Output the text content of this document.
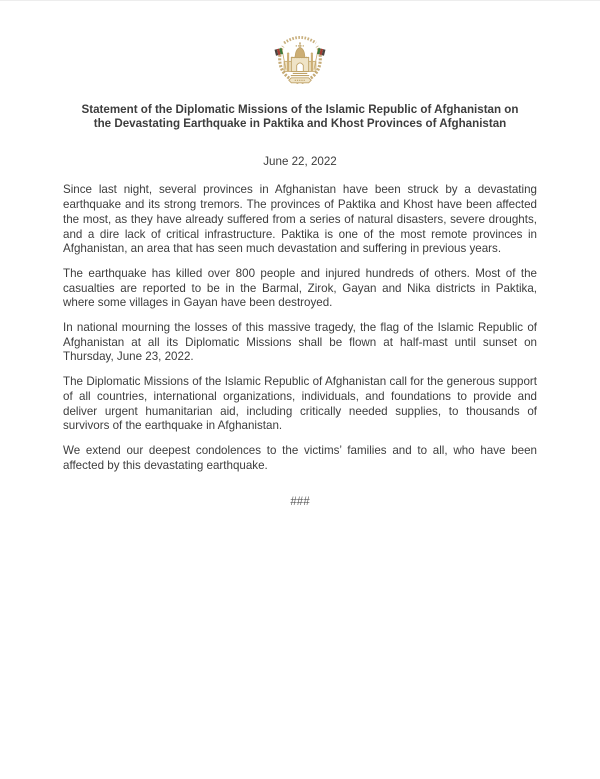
Statement of the Diplomatic Missions of the Islamic Republic of Afghanistan on
the Devastating Earthquake in Paktika and Khost Provinces of Afghanistan
June 22, 2022

Since last night, several provinces in Afghanistan have been struck by a devastating earthquake and its strong tremors. The provinces of Paktika and Khost have been affected the most, as they have already suffered from a series of natural disasters, severe droughts, and a dire lack of critical infrastructure. Paktika is one of the most remote provinces in Afghanistan, an area that has seen much devastation and suffering in previous years.

The earthquake has killed over 800 people and injured hundreds of others. Most of the casualties are reported to be in the Barmal, Zirok, Gayan and Nika districts in Paktika, where some villages in Gayan have been destroyed.

In national mourning the losses of this massive tragedy, the flag of the Islamic Republic of Afghanistan at all its Diplomatic Missions shall be flown at half-mast until sunset on Thursday, June 23, 2022.

The Diplomatic Missions of the Islamic Republic of Afghanistan call for the generous support of all countries, international organizations, individuals, and foundations to provide and deliver urgent humanitarian aid, including critically needed supplies, to thousands of survivors of the earthquake in Afghanistan.

We extend our deepest condolences to the victims’ families and to all, who have been affected by this devastating earthquake.

###
